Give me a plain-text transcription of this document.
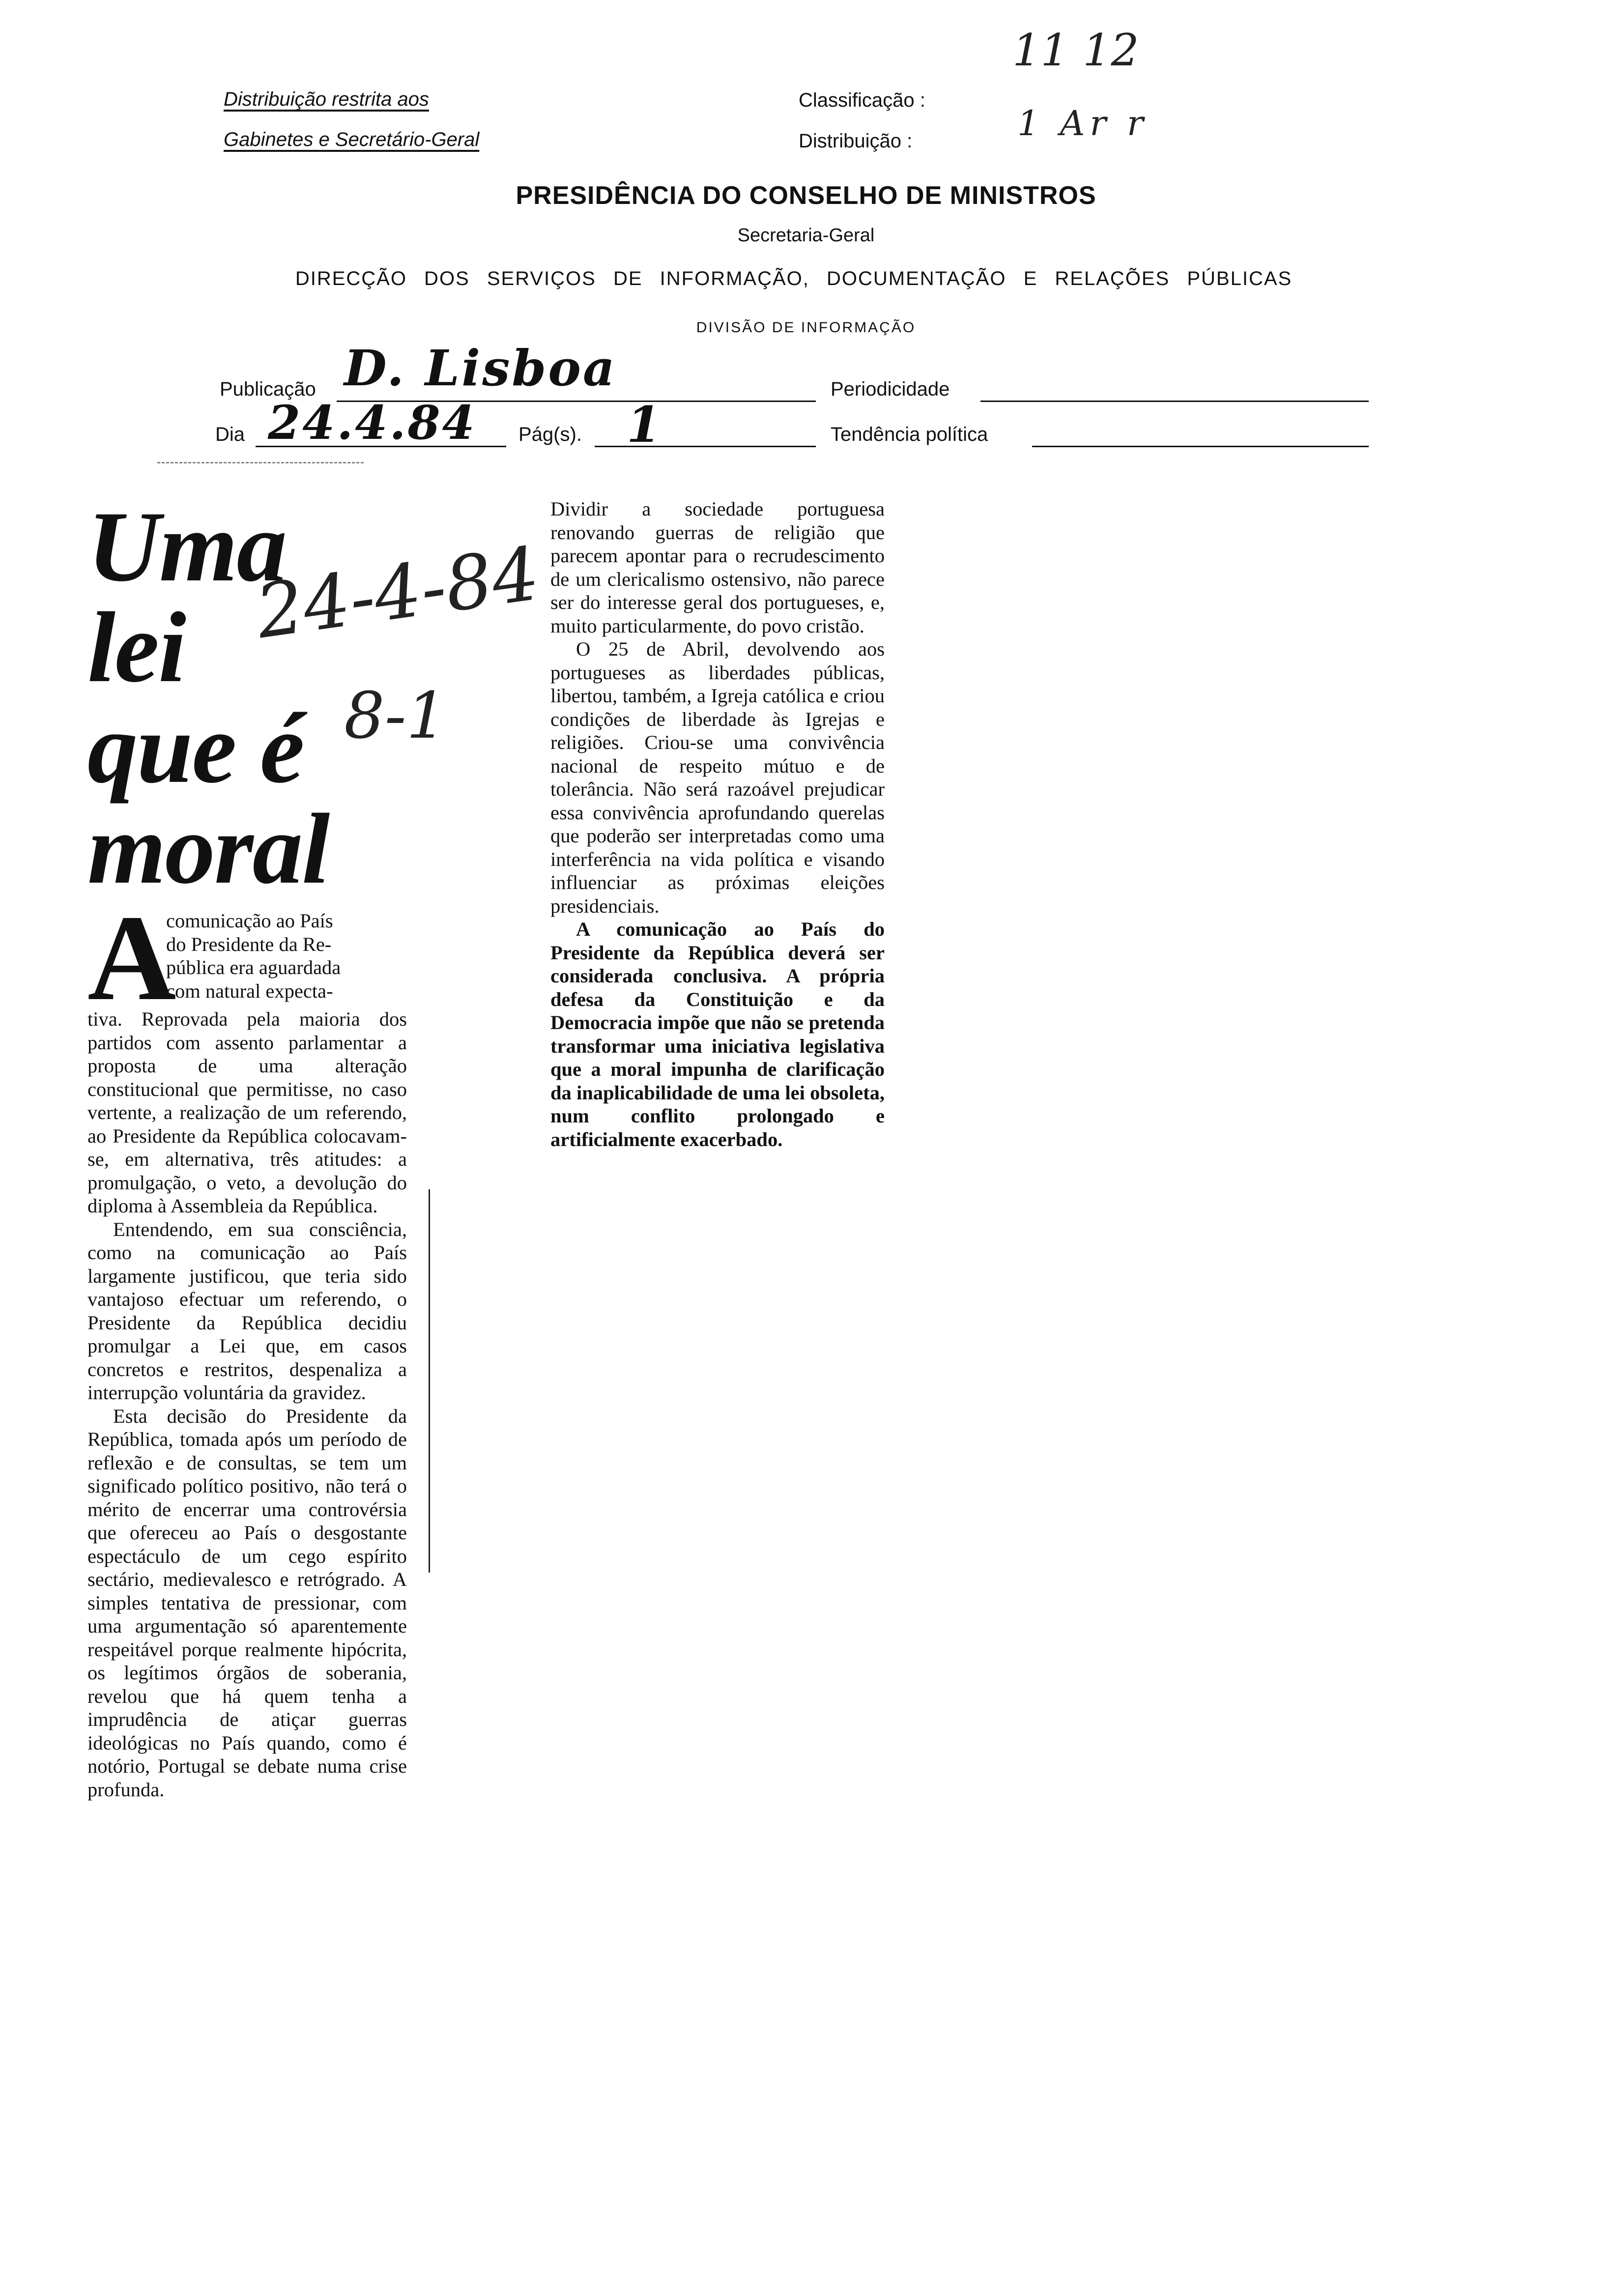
11 12
1 Ar r
Distribuição restrita aos
Gabinetes e Secretário-Geral
Classificação :
Distribuição :
PRESIDÊNCIA DO CONSELHO DE MINISTROS
Secretaria-Geral
DIRECÇÃO DOS SERVIÇOS DE INFORMAÇÃO, DOCUMENTAÇÃO E RELAÇÕES PÚBLICAS
DIVISÃO DE INFORMAÇÃO
Publicação D. Lisboa	Periodicidade
Dia 24.4.84 Pág(s). 1	Tendência política
Uma
lei
que é
moral
24-4-84
8-1
A
comunicação ao País
do Presidente da Re-
pública era aguardada
com natural expecta-

tiva. Reprovada pela maioria dos partidos com assento parlamentar a proposta de uma alteração constitucional que permitisse, no caso vertente, a realização de um referendo, ao Presidente da República colocavam-se, em alternativa, três atitudes: a promulgação, o veto, a devolução do diploma à Assembleia da República.

Entendendo, em sua consciência, como na comunicação ao País largamente justificou, que teria sido vantajoso efectuar um referendo, o Presidente da República decidiu promulgar a Lei que, em casos concretos e restritos, despenaliza a interrupção voluntária da gravidez.

Esta decisão do Presidente da República, tomada após um período de reflexão e de consultas, se tem um significado político positivo, não terá o mérito de encerrar uma controvérsia que ofereceu ao País o desgostante espectáculo de um cego espírito sectário, medievalesco e retrógrado. A simples tentativa de pressionar, com uma argumentação só aparentemente respeitável porque realmente hipócrita, os legítimos órgãos de soberania, revelou que há quem tenha a imprudência de atiçar guerras ideológicas no País quando, como é notório, Portugal se debate numa crise profunda.

Dividir a sociedade portuguesa renovando guerras de religião que parecem apontar para o recrudescimento de um clericalismo ostensivo, não parece ser do interesse geral dos portugueses, e, muito particularmente, do povo cristão.

O 25 de Abril, devolvendo aos portugueses as liberdades públicas, libertou, também, a Igreja católica e criou condições de liberdade às Igrejas e religiões. Criou-se uma convivência nacional de respeito mútuo e de tolerância. Não será razoável prejudicar essa convivência aprofundando querelas que poderão ser interpretadas como uma interferência na vida política e visando influenciar as próximas eleições presidenciais.

A comunicação ao País do Presidente da República deverá ser considerada conclusiva. A própria defesa da Constituição e da Democracia impõe que não se pretenda transformar uma iniciativa legislativa que a moral impunha de clarificação da inaplicabilidade de uma lei obsoleta, num conflito prolongado e artificialmente exacerbado.
